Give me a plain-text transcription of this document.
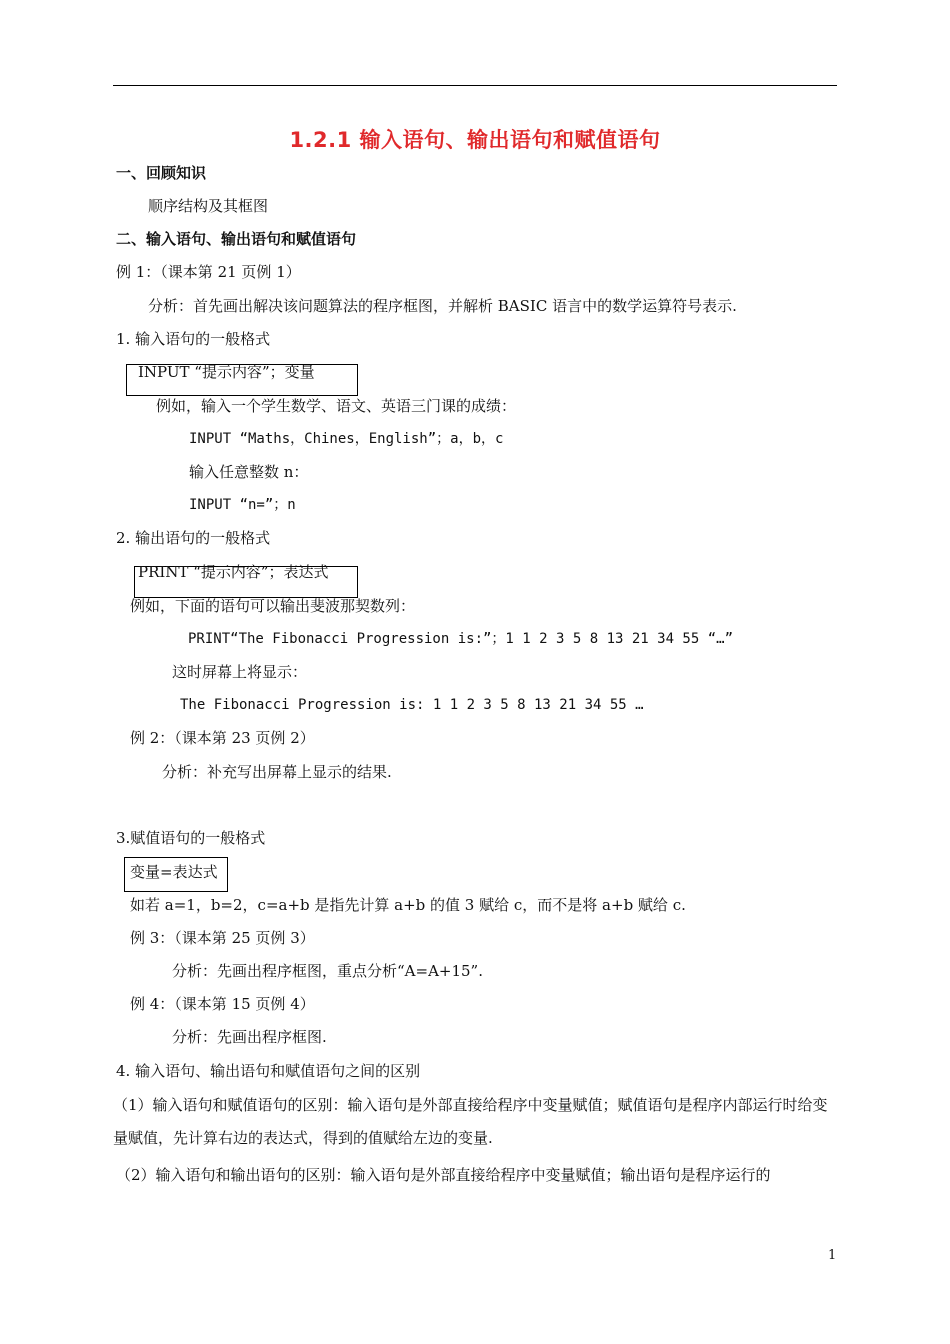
1.2.1 输入语句、输出语句和赋值语句
一、回顾知识
顺序结构及其框图
二、输入语句、输出语句和赋值语句
例 1：（课本第 21 页例 1）
分析：首先画出解决该问题算法的程序框图，并解析 BASIC 语言中的数学运算符号表示.
1. 输入语句的一般格式
INPUT “提示内容”；变量
例如，输入一个学生数学、语文、英语三门课的成绩：
INPUT “Maths，Chines，English”；a，b，c
输入任意整数 n：
INPUT “n=”；n
2. 输出语句的一般格式
PRINT “提示内容”；表达式
例如，下面的语句可以输出斐波那契数列：
PRINT“The Fibonacci Progression is:”；1 1 2 3 5 8 13 21 34 55 “…”
这时屏幕上将显示：
The Fibonacci Progression is: 1 1 2 3 5 8 13 21 34 55 …
例 2：（课本第 23 页例 2）
分析：补充写出屏幕上显示的结果.
3.赋值语句的一般格式
变量=表达式
如若 a=1，b=2，c=a+b 是指先计算 a+b 的值 3 赋给 c，而不是将 a+b 赋给 c.
例 3：（课本第 25 页例 3）
分析：先画出程序框图，重点分析“A=A+15”.
例 4：（课本第 15 页例 4）
分析：先画出程序框图.
4. 输入语句、输出语句和赋值语句之间的区别
（1）输入语句和赋值语句的区别：输入语句是外部直接给程序中变量赋值；赋值语句是程序内部运行时给变量赋值，先计算右边的表达式，得到的值赋给左边的变量.
（2）输入语句和输出语句的区别：输入语句是外部直接给程序中变量赋值；输出语句是程序运行的
1
